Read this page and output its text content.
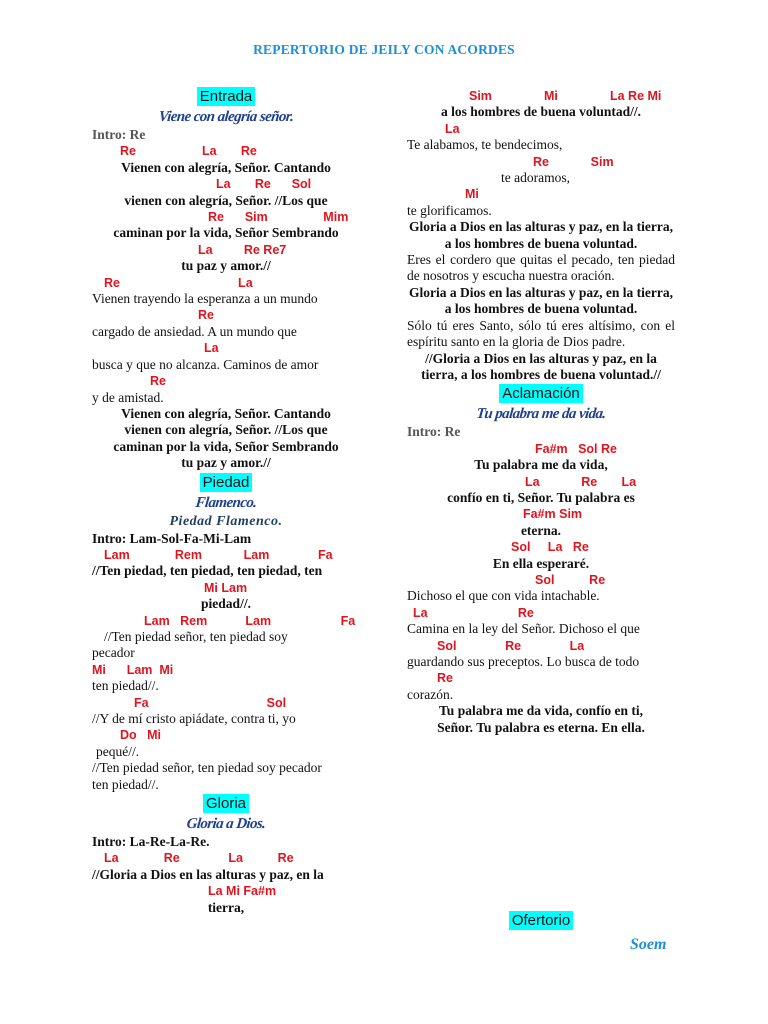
REPERTORIO DE JEILY CON ACORDES
Entrada
Viene con alegría señor.
Intro: Re
Re                   La       Re
Vienen con alegría, Señor. Cantando
La       Re      Sol
vienen con alegría, Señor. //Los que
Re      Sim                Mim
caminan por la vida, Señor Sembrando
La         Re Re7
tu paz y amor.//
Re                                  La
Vienen trayendo la esperanza a un mundo
Re
cargado de ansiedad. A un mundo que
La
busca y que no alcanza. Caminos de amor
Re
y de amistad.
Vienen con alegría, Señor. Cantando
vienen con alegría, Señor. //Los que
caminan por la vida, Señor Sembrando
tu paz y amor.//
Piedad
Flamenco.
Piedad Flamenco.
Intro: Lam-Sol-Fa-Mi-Lam
Lam             Rem            Lam              Fa
//Ten piedad, ten piedad, ten piedad, ten
Mi Lam
piedad//.
Lam   Rem           Lam                    Fa
//Ten piedad señor, ten piedad soy
pecador
Mi      Lam  Mi
ten piedad//.
Fa                                  Sol
//Y de mí cristo apiádate, contra ti, yo
Do   Mi
pequé//.
//Ten piedad señor, ten piedad soy pecador
ten piedad//.
Gloria
Gloria a Dios.
Intro: La-Re-La-Re.
La             Re              La          Re
//Gloria a Dios en las alturas y paz, en la
La Mi Fa#m
tierra,
Sim               Mi               La Re Mi
a los hombres de buena voluntad//.
La
Te alabamos, te bendecimos,
Re            Sim
te adoramos,
Mi
te glorificamos.
Gloria a Dios en las alturas y paz, en la tierra, a los hombres de buena voluntad.
Eres el cordero que quitas el pecado, ten piedad de nosotros y escucha nuestra oración.
Gloria a Dios en las alturas y paz, en la tierra, a los hombres de buena voluntad.
Sólo tú eres Santo, sólo tú eres altísimo, con el espíritu santo en la gloria de Dios padre.
//Gloria a Dios en las alturas y paz, en la tierra, a los hombres de buena voluntad.//
Aclamación
Tu palabra me da vida.
Intro: Re
Fa#m   Sol Re
Tu palabra me da vida,
La            Re       La
confío en ti, Señor. Tu palabra es
Fa#m Sim
eterna.
Sol     La   Re
En ella esperaré.
Sol          Re
Dichoso el que con vida intachable.
La                          Re
Camina en la ley del Señor. Dichoso el que
Sol              Re              La
guardando sus preceptos. Lo busca de todo
Re
corazón.
Tu palabra me da vida, confío en ti,
Señor. Tu palabra es eterna. En ella.
Ofertorio
Soem
